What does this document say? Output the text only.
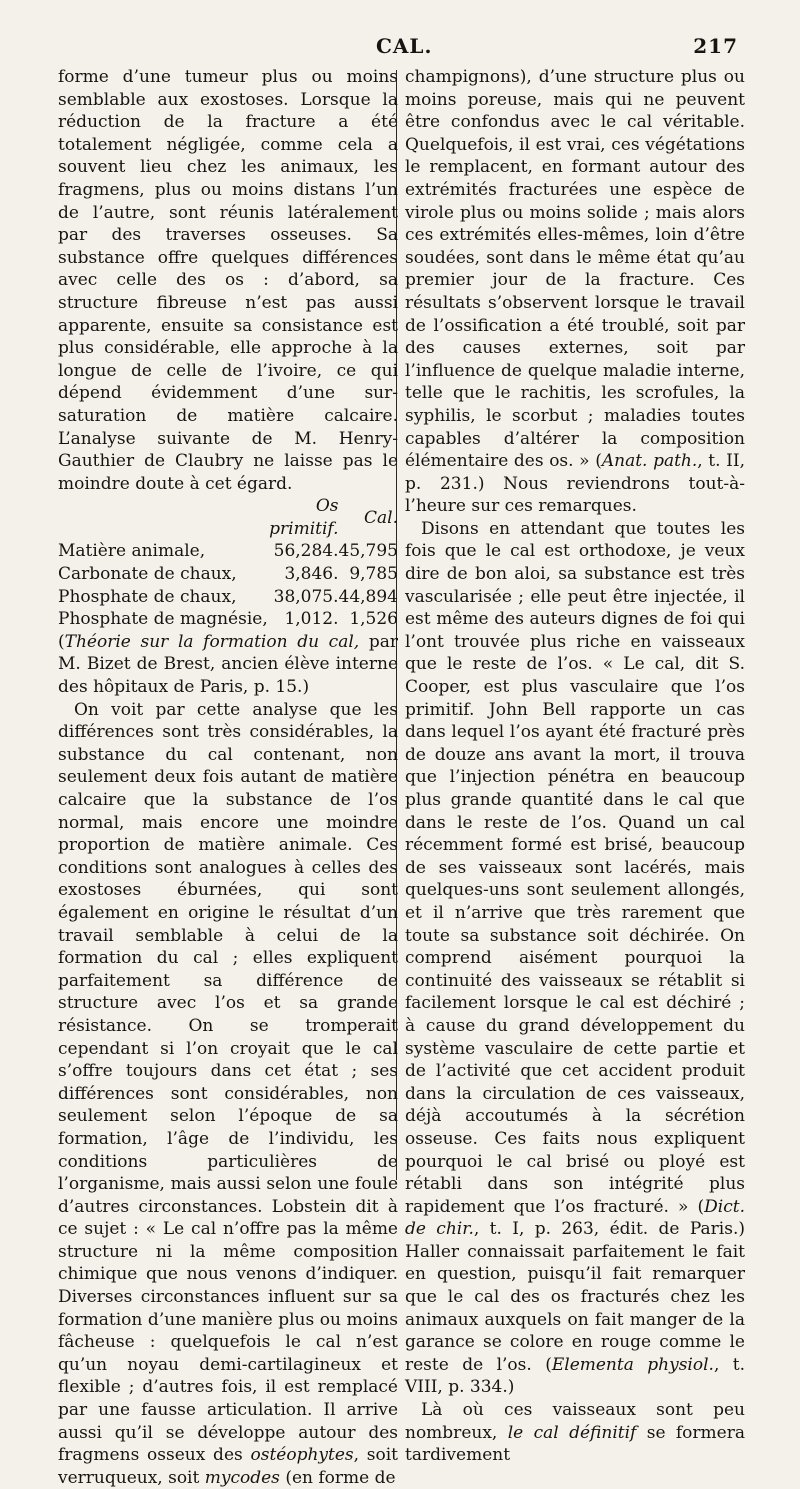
CAL.	217

forme d’une tumeur plus ou moins semblable aux exostoses. Lorsque la réduction de la fracture a été totalement négligée, comme cela a souvent lieu chez les animaux, les fragmens, plus ou moins distans l’un de l’autre, sont réunis latéralement par des traverses osseuses. Sa substance offre quelques différences avec celle des os : d’abord, sa structure fibreuse n’est pas aussi apparente, ensuite sa consistance est plus considérable, elle approche à la longue de celle de l’ivoire, ce qui dépend évidemment d’une sur-saturation de matière calcaire. L’analyse suivante de M. Henry-Gauthier de Claubry ne laisse pas le moindre doute à cet égard.

	Os primitif.	Cal.
Matière animale,	56,284.	45,795
Carbonate de chaux,	3,846.	9,785
Phosphate de chaux,	38,075.	44,894
Phosphate de magnésie,	1,012.	1,526

(Théorie sur la formation du cal, par M. Bizet de Brest, ancien élève interne des hôpitaux de Paris, p. 15.)

On voit par cette analyse que les différences sont très considérables, la substance du cal contenant, non seulement deux fois autant de matière calcaire que la substance de l’os normal, mais encore une moindre proportion de matière animale. Ces conditions sont analogues à celles des exostoses éburnées, qui sont également en origine le résultat d’un travail semblable à celui de la formation du cal ; elles expliquent parfaitement sa différence de structure avec l’os et sa grande résistance. On se tromperait cependant si l’on croyait que le cal s’offre toujours dans cet état ; ses différences sont considérables, non seulement selon l’époque de sa formation, l’âge de l’individu, les conditions particulières de l’organisme, mais aussi selon une foule d’autres circonstances. Lobstein dit à ce sujet : « Le cal n’offre pas la même structure ni la même composition chimique que nous venons d’indiquer. Diverses circonstances influent sur sa formation d’une manière plus ou moins fâcheuse : quelquefois le cal n’est qu’un noyau demi-cartilagineux et flexible ; d’autres fois, il est remplacé par une fausse articulation. Il arrive aussi qu’il se développe autour des fragmens osseux des ostéophytes, soit verruqueux, soit mycodes (en forme de

champignons), d’une structure plus ou moins poreuse, mais qui ne peuvent être confondus avec le cal véritable. Quelquefois, il est vrai, ces végétations le remplacent, en formant autour des extrémités fracturées une espèce de virole plus ou moins solide ; mais alors ces extrémités elles-mêmes, loin d’être soudées, sont dans le même état qu’au premier jour de la fracture. Ces résultats s’observent lorsque le travail de l’ossification a été troublé, soit par des causes externes, soit par l’influence de quelque maladie interne, telle que le rachitis, les scrofules, la syphilis, le scorbut ; maladies toutes capables d’altérer la composition élémentaire des os. » (Anat. path., t. II, p. 231.) Nous reviendrons tout-à-l’heure sur ces remarques.

Disons en attendant que toutes les fois que le cal est orthodoxe, je veux dire de bon aloi, sa substance est très vascularisée ; elle peut être injectée, il est même des auteurs dignes de foi qui l’ont trouvée plus riche en vaisseaux que le reste de l’os. « Le cal, dit S. Cooper, est plus vasculaire que l’os primitif. John Bell rapporte un cas dans lequel l’os ayant été fracturé près de douze ans avant la mort, il trouva que l’injection pénétra en beaucoup plus grande quantité dans le cal que dans le reste de l’os. Quand un cal récemment formé est brisé, beaucoup de ses vaisseaux sont lacérés, mais quelques-uns sont seulement allongés, et il n’arrive que très rarement que toute sa substance soit déchirée. On comprend aisément pourquoi la continuité des vaisseaux se rétablit si facilement lorsque le cal est déchiré ; à cause du grand développement du système vasculaire de cette partie et de l’activité que cet accident produit dans la circulation de ces vaisseaux, déjà accoutumés à la sécrétion osseuse. Ces faits nous expliquent pourquoi le cal brisé ou ployé est rétabli dans son intégrité plus rapidement que l’os fracturé. » (Dict. de chir., t. I, p. 263, édit. de Paris.) Haller connaissait parfaitement le fait en question, puisqu’il fait remarquer que le cal des os fracturés chez les animaux auxquels on fait manger de la garance se colore en rouge comme le reste de l’os. (Elementa physiol., t. VIII, p. 334.)

Là où ces vaisseaux sont peu nombreux, le cal définitif se formera tardivement
